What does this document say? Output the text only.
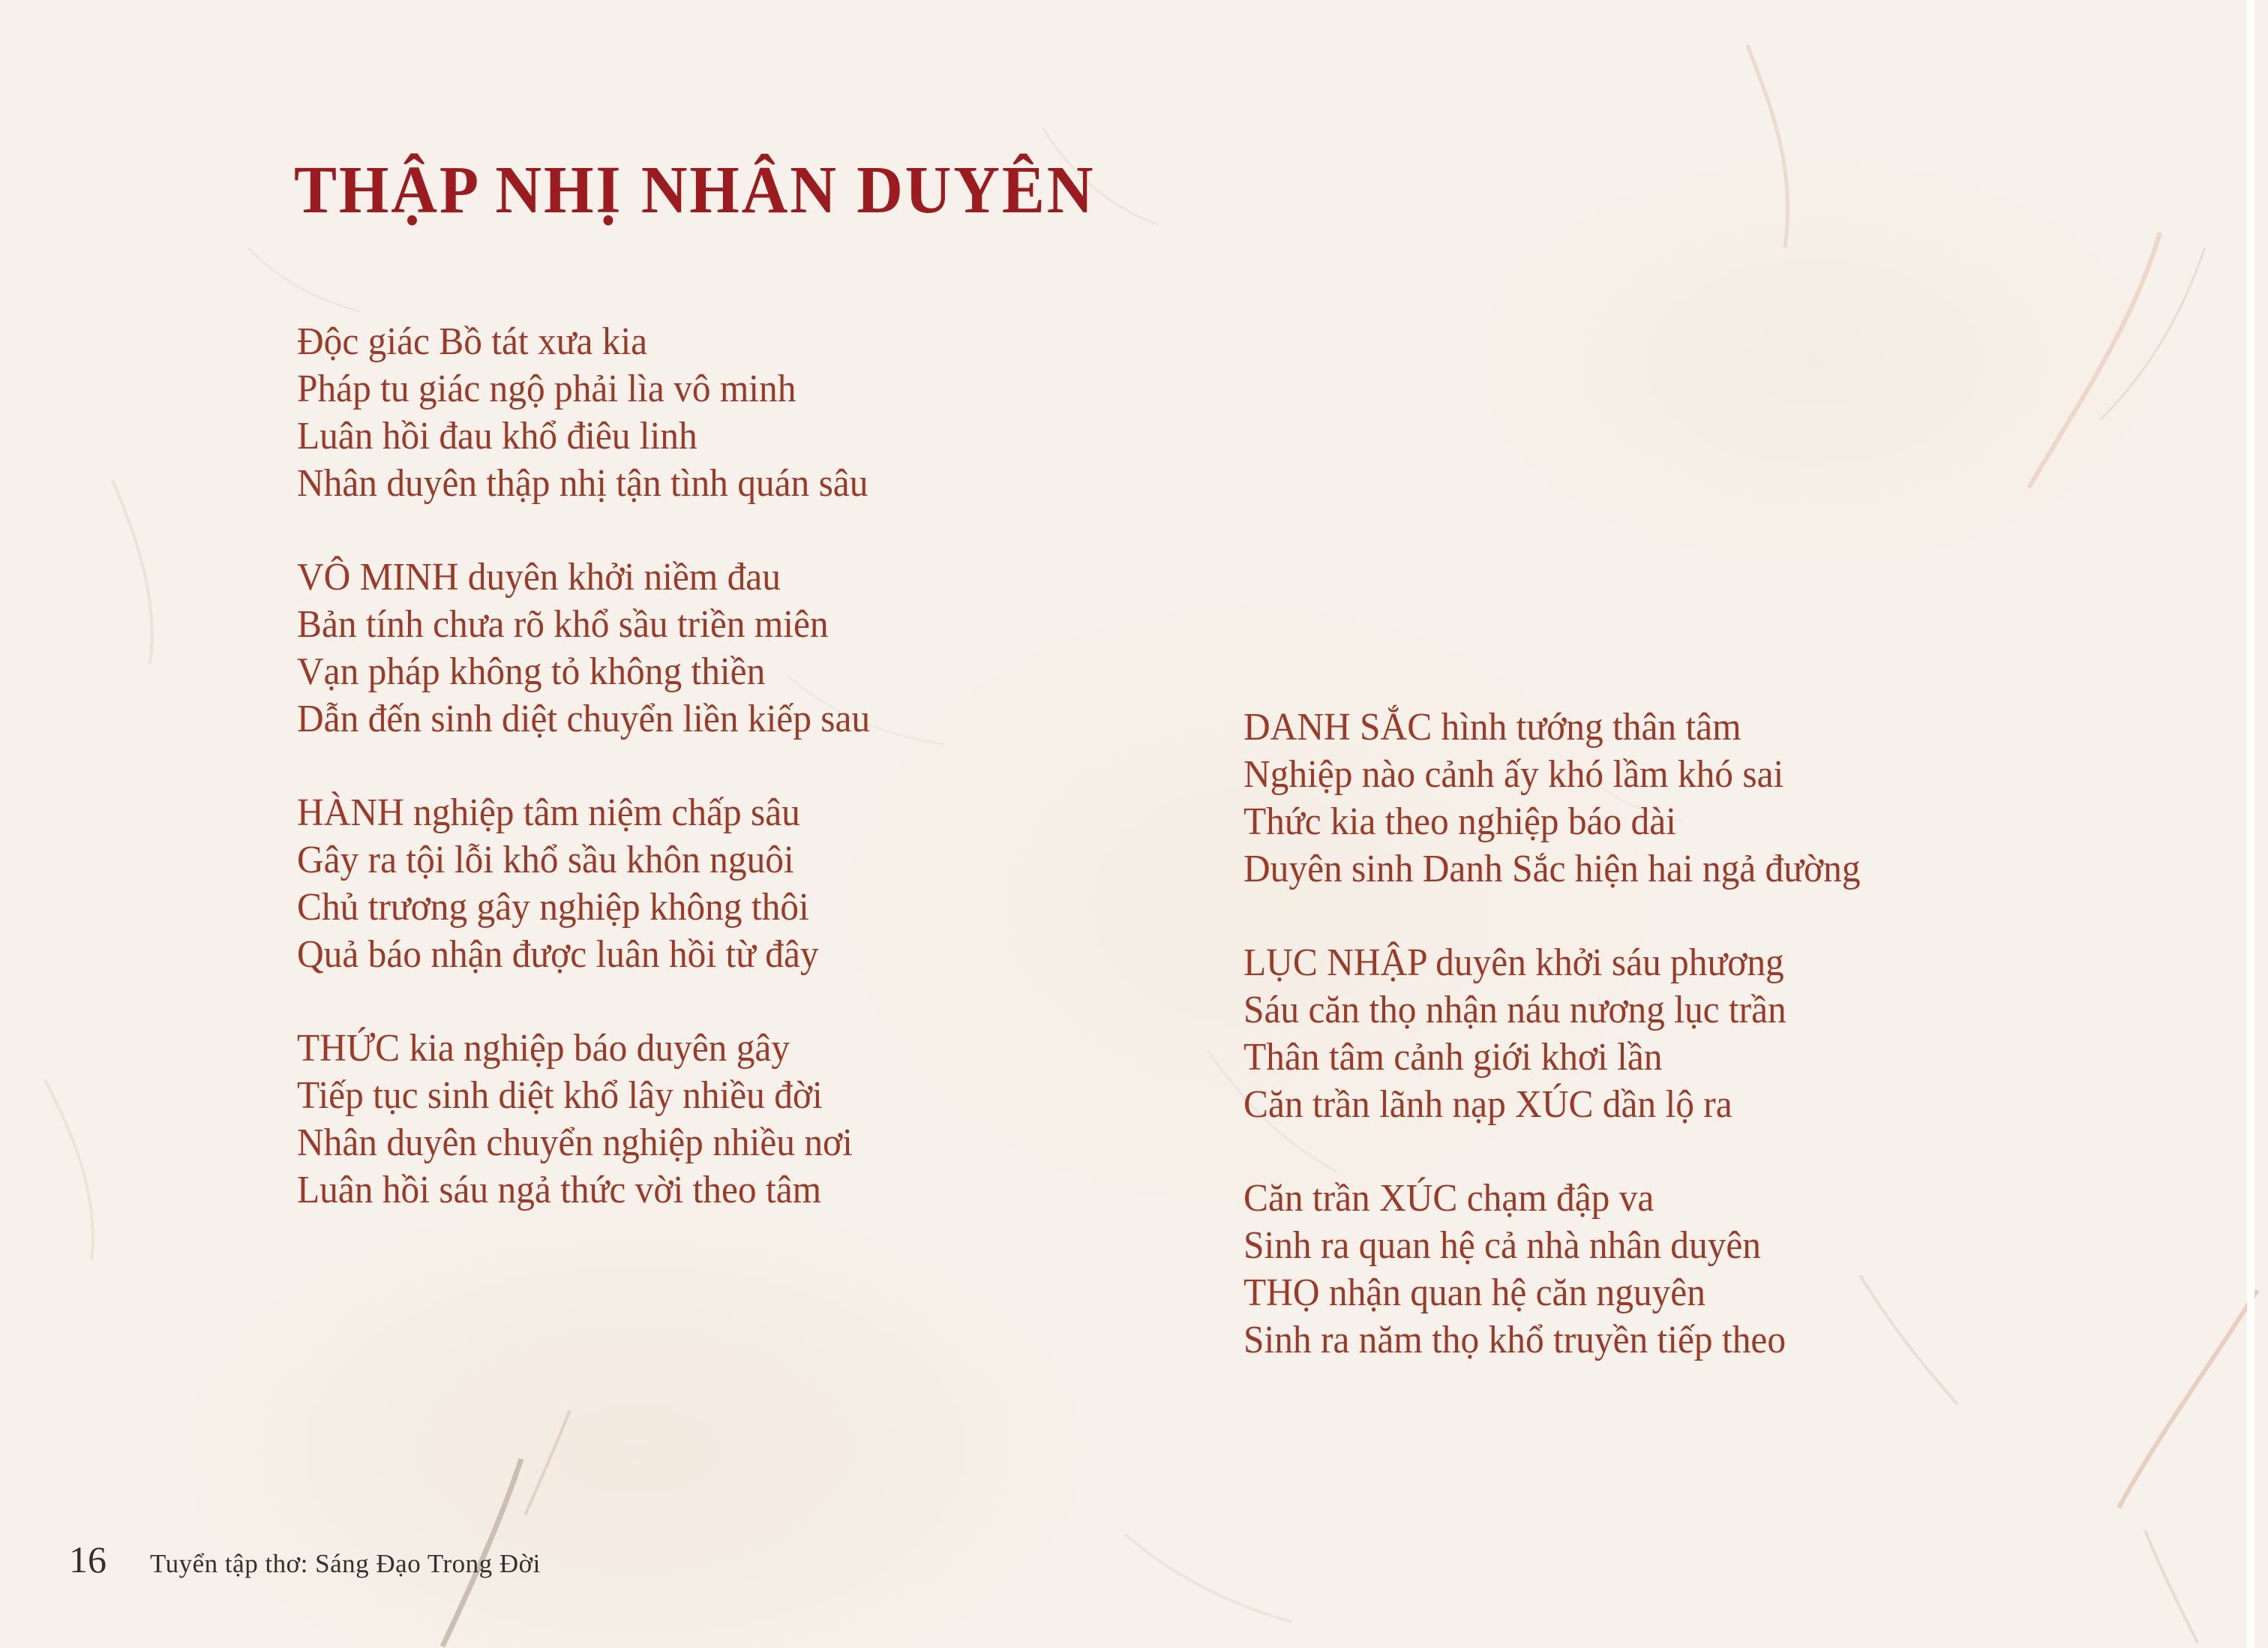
THẬP NHỊ NHÂN DUYÊN

Độc giác Bồ tát xưa kia

Pháp tu giác ngộ phải lìa vô minh

Luân hồi đau khổ điêu linh

Nhân duyên thập nhị tận tình quán sâu

VÔ MINH duyên khởi niềm đau

Bản tính chưa rõ khổ sầu triền miên

Vạn pháp không tỏ không thiền

Dẫn đến sinh diệt chuyển liền kiếp sau

HÀNH nghiệp tâm niệm chấp sâu

Gây ra tội lỗi khổ sầu khôn nguôi

Chủ trương gây nghiệp không thôi

Quả báo nhận được luân hồi từ đây

THỨC kia nghiệp báo duyên gây

Tiếp tục sinh diệt khổ lây nhiều đời

Nhân duyên chuyển nghiệp nhiều nơi

Luân hồi sáu ngả thức vời theo tâm

DANH SẮC hình tướng thân tâm

Nghiệp nào cảnh ấy khó lầm khó sai

Thức kia theo nghiệp báo dài

Duyên sinh Danh Sắc hiện hai ngả đường

LỤC NHẬP duyên khởi sáu phương

Sáu căn thọ nhận náu nương lục trần

Thân tâm cảnh giới khơi lần

Căn trần lãnh nạp XÚC dần lộ ra

Căn trần XÚC chạm đập va

Sinh ra quan hệ cả nhà nhân duyên

THỌ nhận quan hệ căn nguyên

Sinh ra năm thọ khổ truyền tiếp theo

16 Tuyển tập thơ: Sáng Đạo Trong Đời
